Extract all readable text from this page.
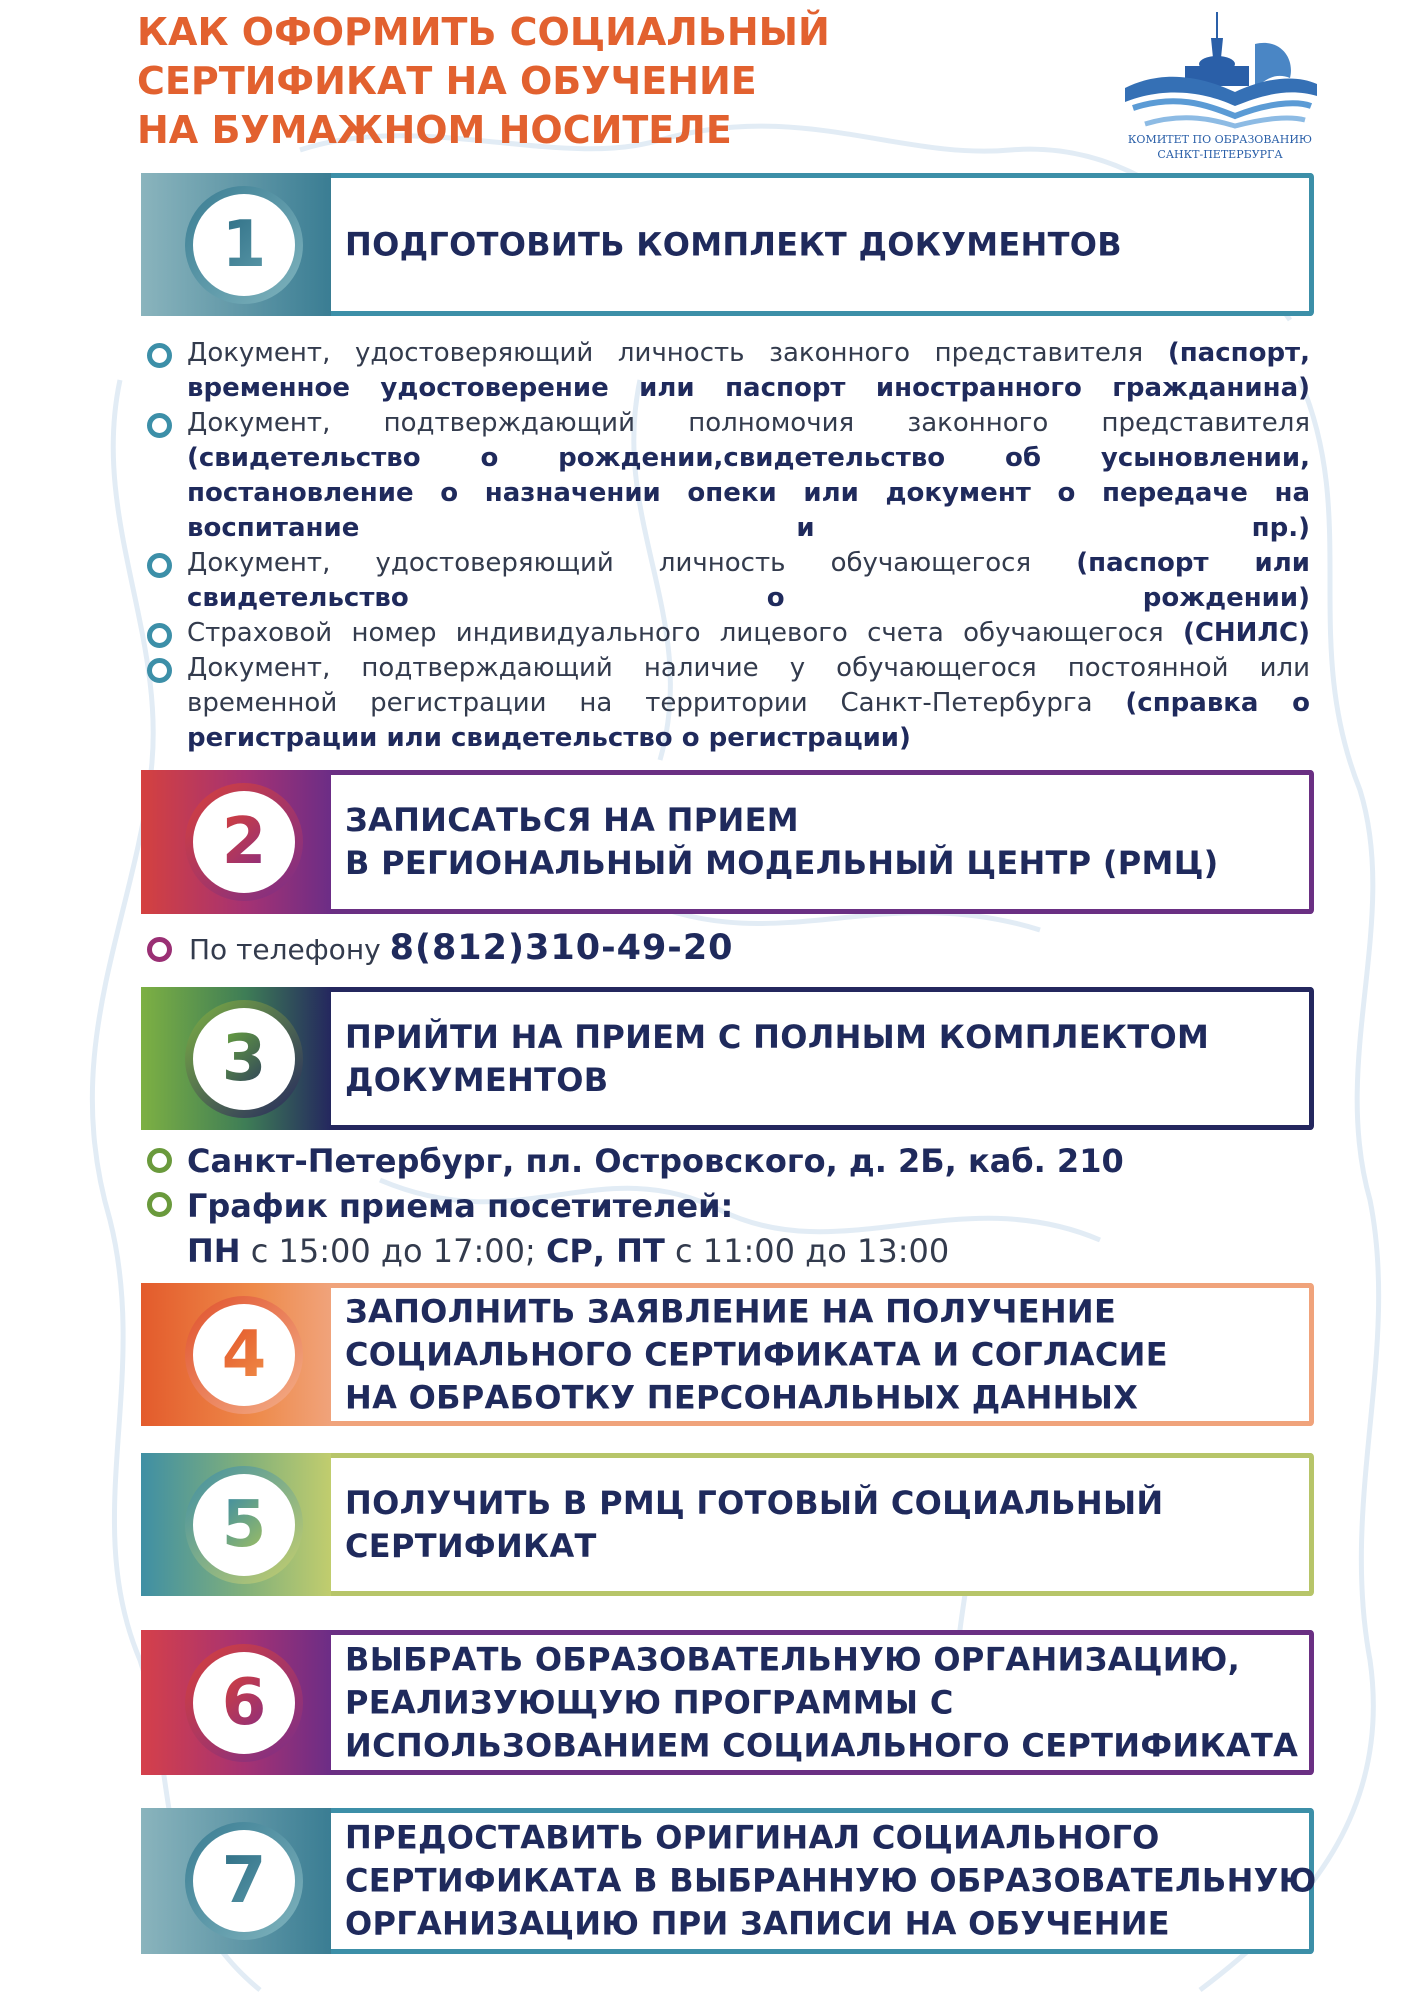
КАК ОФОРМИТЬ СОЦИАЛЬНЫЙ
СЕРТИФИКАТ НА ОБУЧЕНИЕ
НА БУМАЖНОМ НОСИТЕЛЕ	КОМИТЕТ ПО ОБРАЗОВАНИЮ
САНКТ-ПЕТЕРБУРГА
1 ПОДГОТОВИТЬ КОМПЛЕКТ ДОКУМЕНТОВ
Документ, удостоверяющий личность законного представителя (паспорт, временное удостоверение или паспорт иностранного гражданина)
Документ, подтверждающий полномочия законного представителя (свидетельство о рождении,свидетельство об усыновлении, постановление о назначении опеки или документ о передаче на воспитание и пр.)
Документ, удостоверяющий личность обучающегося (паспорт или свидетельство о рождении)
Страховой номер индивидуального лицевого счета обучающегося (СНИЛС)
Документ, подтверждающий наличие у обучающегося постоянной или временной регистрации на территории Санкт-Петербурга (справка о регистрации или свидетельство о регистрации)
2 ЗАПИСАТЬСЯ НА ПРИЕМ
В РЕГИОНАЛЬНЫЙ МОДЕЛЬНЫЙ ЦЕНТР (РМЦ)
По телефону 8(812)310-49-20
3 ПРИЙТИ НА ПРИЕМ С ПОЛНЫМ КОМПЛЕКТОМ
ДОКУМЕНТОВ
Санкт-Петербург, пл. Островского, д. 2Б, каб. 210
График приема посетителей:
ПН с 15:00 до 17:00; СР, ПТ с 11:00 до 13:00
4
ЗАПОЛНИТЬ ЗАЯВЛЕНИЕ НА ПОЛУЧЕНИЕ
СОЦИАЛЬНОГО СЕРТИФИКАТА И СОГЛАСИЕ
НА ОБРАБОТКУ ПЕРСОНАЛЬНЫХ ДАННЫХ
5 ПОЛУЧИТЬ В РМЦ ГОТОВЫЙ СОЦИАЛЬНЫЙ
СЕРТИФИКАТ
6
ВЫБРАТЬ ОБРАЗОВАТЕЛЬНУЮ ОРГАНИЗАЦИЮ,
РЕАЛИЗУЮЩУЮ ПРОГРАММЫ С
ИСПОЛЬЗОВАНИЕМ СОЦИАЛЬНОГО СЕРТИФИКАТА
7
ПРЕДОСТАВИТЬ ОРИГИНАЛ СОЦИАЛЬНОГО
СЕРТИФИКАТА В ВЫБРАННУЮ ОБРАЗОВАТЕЛЬНУЮ
ОРГАНИЗАЦИЮ ПРИ ЗАПИСИ НА ОБУЧЕНИЕ
